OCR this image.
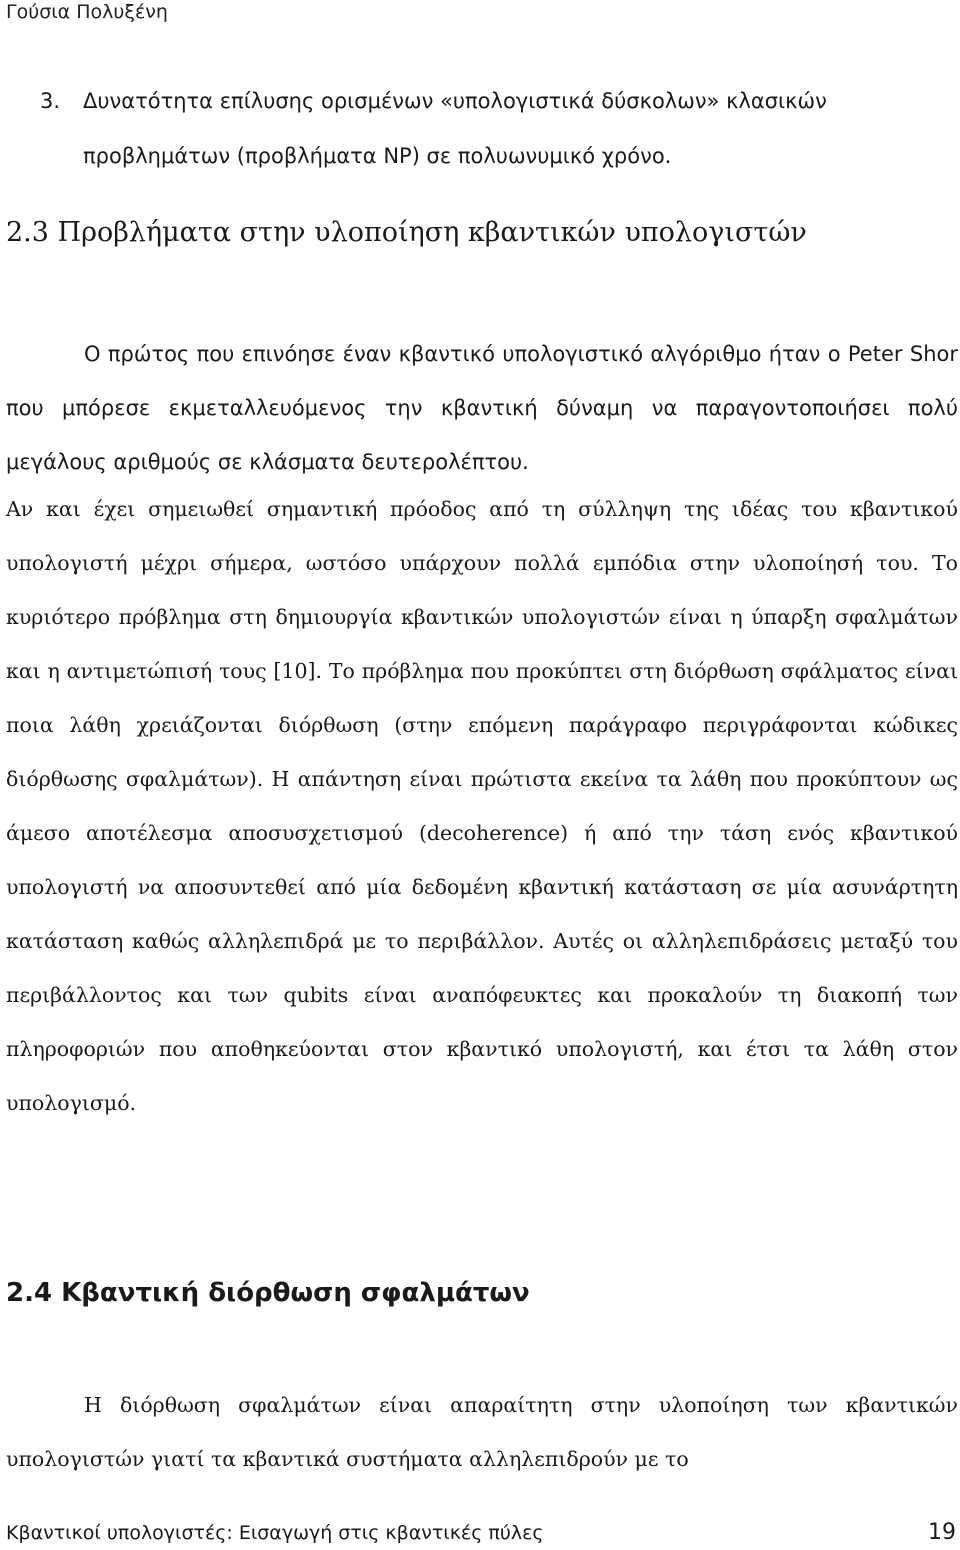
Γούσια Πολυξένη
3. Δυνατότητα επίλυσης ορισμένων «υπολογιστικά δύσκολων» κλασικών προβλημάτων (προβλήματα NP) σε πολυωνυμικό χρόνο.
2.3 Προβλήματα στην υλοποίηση κβαντικών υπολογιστών

Ο πρώτος που επινόησε έναν κβαντικό υπολογιστικό αλγόριθμο ήταν ο Peter Shor που μπόρεσε εκμεταλλευόμενος την κβαντική δύναμη να παραγοντοποιήσει πολύ μεγάλους αριθμούς σε κλάσματα δευτερολέπτου.

Αν και έχει σημειωθεί σημαντική πρόοδος από τη σύλληψη της ιδέας του κβαντικού υπολογιστή μέχρι σήμερα, ωστόσο υπάρχουν πολλά εμπόδια στην υλοποίησή του. Το κυριότερο πρόβλημα στη δημιουργία κβαντικών υπολογιστών είναι η ύπαρξη σφαλμάτων και η αντιμετώπισή τους [10]. Το πρόβλημα που προκύπτει στη διόρθωση σφάλματος είναι ποια λάθη χρειάζονται διόρθωση (στην επόμενη παράγραφο περιγράφονται κώδικες διόρθωσης σφαλμάτων). Η απάντηση είναι πρώτιστα εκείνα τα λάθη που προκύπτουν ως άμεσο αποτέλεσμα αποσυσχετισμού (decoherence) ή από την τάση ενός κβαντικού υπολογιστή να αποσυντεθεί από μία δεδομένη κβαντική κατάσταση σε μία ασυνάρτητη κατάσταση καθώς αλληλεπιδρά με το περιβάλλον. Αυτές οι αλληλεπιδράσεις μεταξύ του περιβάλλοντος και των qubits είναι αναπόφευκτες και προκαλούν τη διακοπή των πληροφοριών που αποθηκεύονται στον κβαντικό υπολογιστή, και έτσι τα λάθη στον υπολογισμό.

2.4 Κβαντική διόρθωση σφαλμάτων

Η διόρθωση σφαλμάτων είναι απαραίτητη στην υλοποίηση των κβαντικών υπολογιστών γιατί τα κβαντικά συστήματα αλληλεπιδρούν με το

Κβαντικοί υπολογιστές: Εισαγωγή στις κβαντικές πύλες	19
